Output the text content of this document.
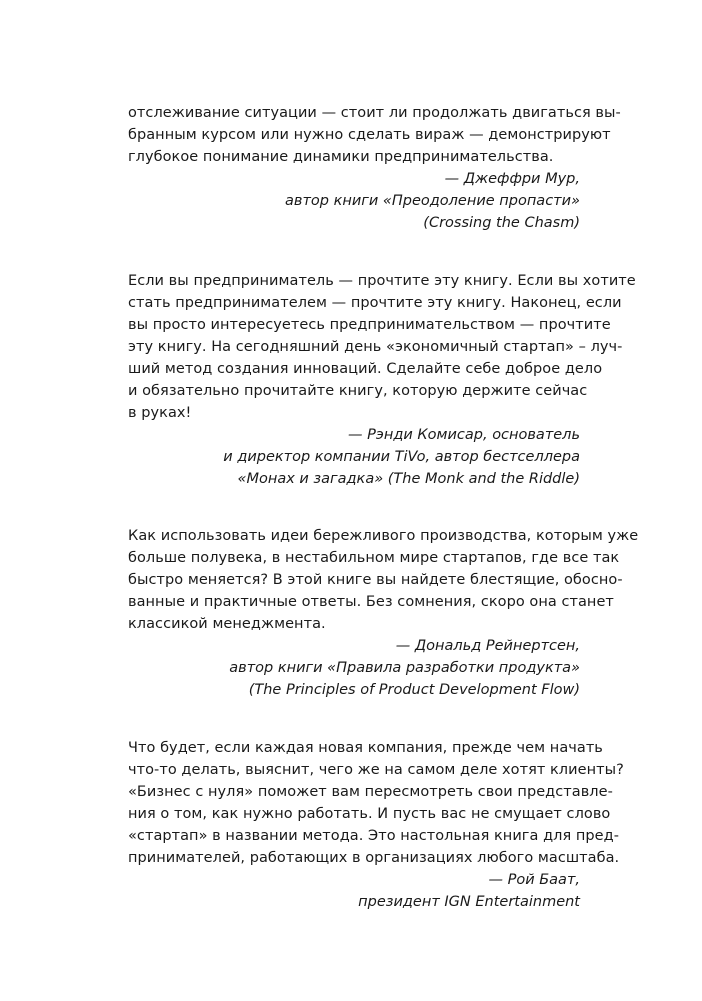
отслеживание ситуации — стоит ли продолжать двигаться вы-
бранным курсом или нужно сделать вираж — демонстрируют
глубокое понимание динамики предпринимательства.
— Джеффри Мур,
автор книги «Преодоление пропасти»
(Crossing the Chasm)
Если вы предприниматель — прочтите эту книгу. Если вы хотите
стать предпринимателем — прочтите эту книгу. Наконец, если
вы просто интересуетесь предпринимательством — прочтите
эту книгу. На сегодняшний день «экономичный стартап» – луч-
ший метод создания инноваций. Сделайте себе доброе дело
и обязательно прочитайте книгу, которую держите сейчас
в руках!
— Рэнди Комисар, основатель
и директор компании TiVo, автор бестселлера
«Монах и загадка» (The Monk and the Riddle)
Как использовать идеи бережливого производства, которым уже
больше полувека, в нестабильном мире стартапов, где все так
быстро меняется? В этой книге вы найдете блестящие, обосно-
ванные и практичные ответы. Без сомнения, скоро она станет
классикой менеджмента.
— Дональд Рейнертсен,
автор книги «Правила разработки продукта»
(The Principles of Product Development Flow)
Что будет, если каждая новая компания, прежде чем начать
что-то делать, выяснит, чего же на самом деле хотят клиенты?
«Бизнес с нуля» поможет вам пересмотреть свои представле-
ния о том, как нужно работать. И пусть вас не смущает слово
«стартап» в названии метода. Это настольная книга для пред-
принимателей, работающих в организациях любого масштаба.
— Рой Баат,
президент IGN Entertainment
